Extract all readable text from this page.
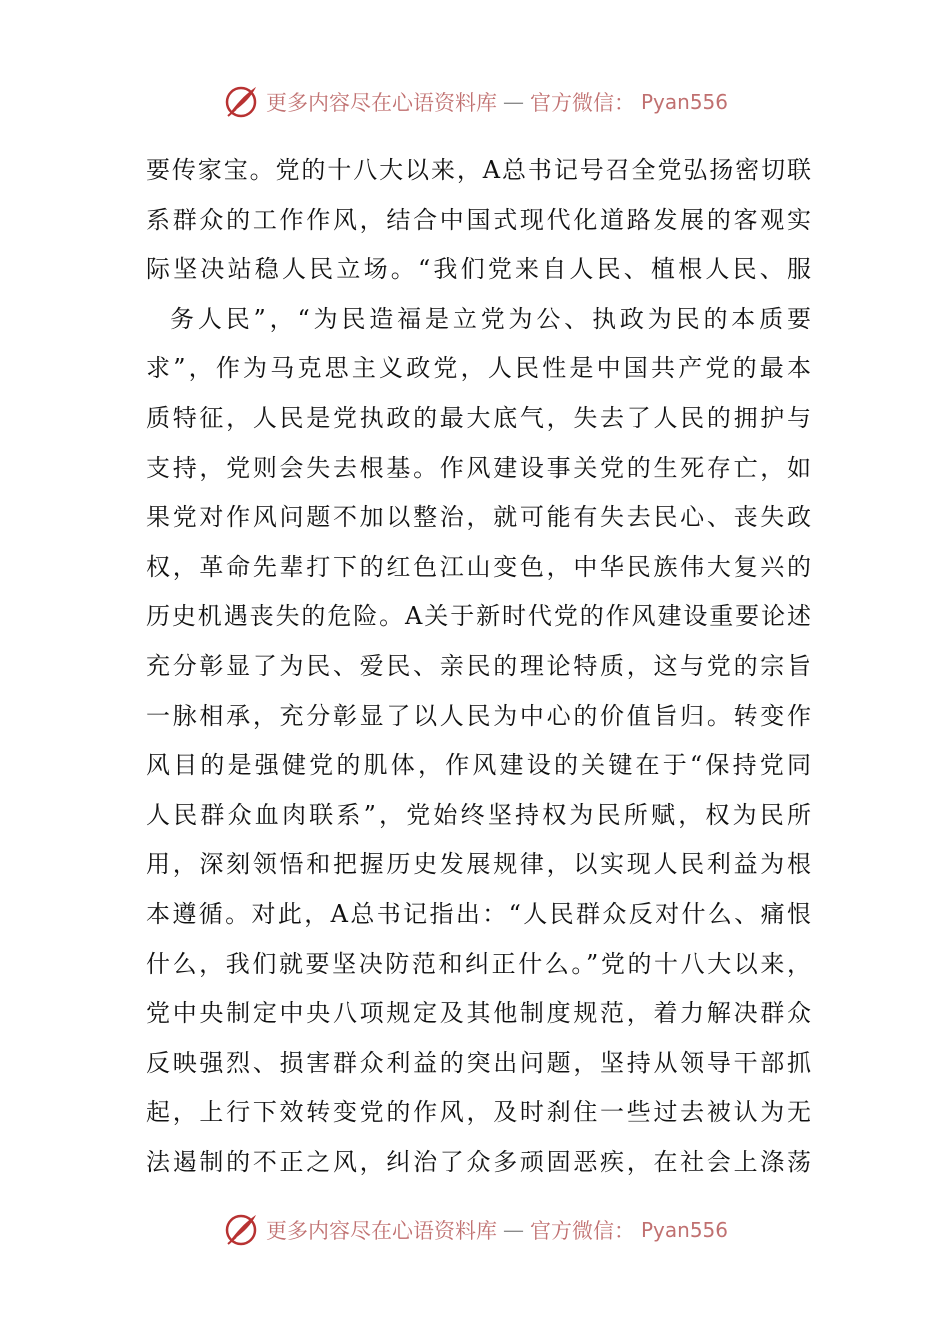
更多内容尽在心语资料库 — 官方微信： Pyan556
要传家宝。党的十八大以来，A总书记号召全党弘扬密切联
系群众的工作作风，结合中国式现代化道路发展的客观实
际坚决站稳人民立场。“我们党来自人民、植根人民、服
务人民”，“为民造福是立党为公、执政为民的本质要
求”，作为马克思主义政党，人民性是中国共产党的最本
质特征，人民是党执政的最大底气，失去了人民的拥护与
支持，党则会失去根基。作风建设事关党的生死存亡，如
果党对作风问题不加以整治，就可能有失去民心、丧失政
权，革命先辈打下的红色江山变色，中华民族伟大复兴的
历史机遇丧失的危险。A关于新时代党的作风建设重要论述
充分彰显了为民、爱民、亲民的理论特质，这与党的宗旨
一脉相承，充分彰显了以人民为中心的价值旨归。转变作
风目的是强健党的肌体，作风建设的关键在于“保持党同
人民群众血肉联系”，党始终坚持权为民所赋，权为民所
用，深刻领悟和把握历史发展规律，以实现人民利益为根
本遵循。对此，A总书记指出：“人民群众反对什么、痛恨
什么，我们就要坚决防范和纠正什么。”党的十八大以来，
党中央制定中央八项规定及其他制度规范，着力解决群众
反映强烈、损害群众利益的突出问题，坚持从领导干部抓
起，上行下效转变党的作风，及时刹住一些过去被认为无
法遏制的不正之风，纠治了众多顽固恶疾，在社会上涤荡
更多内容尽在心语资料库 — 官方微信： Pyan556
